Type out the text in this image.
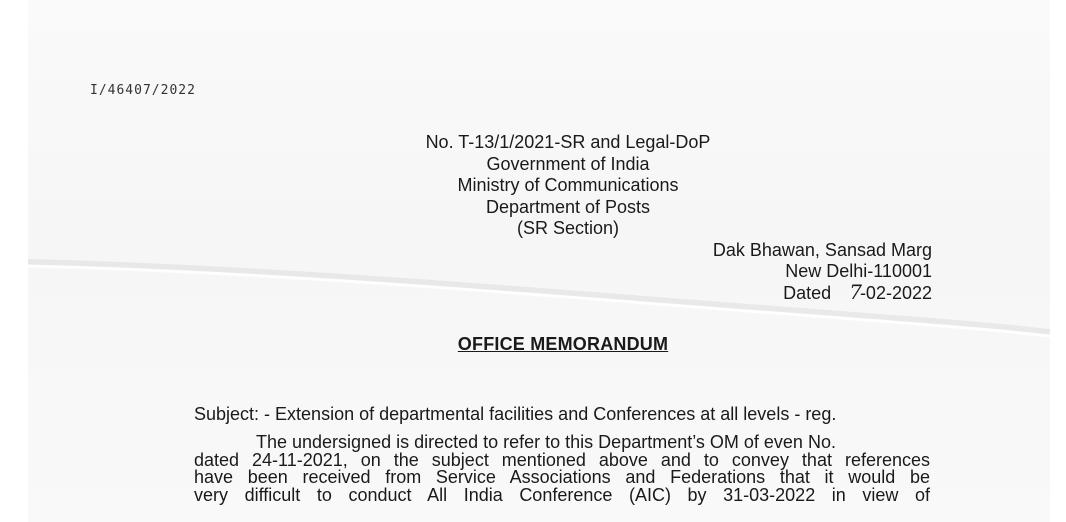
I/46407/2022
No. T-13/1/2021-SR and Legal-DoP
Government of India
Ministry of Communications
Department of Posts
(SR Section)
Dak Bhawan, Sansad Marg
New Delhi-110001
Dated 7
-02-2022
OFFICE MEMORANDUM
Subject: - Extension of departmental facilities and Conferences at all levels - reg.
The undersigned is directed to refer to this Department’s OM of even No.
dated 24-11-2021, on the subject mentioned above and to convey that references
have been received from Service Associations and Federations that it would be
very difficult to conduct All India Conference (AIC) by 31-03-2022 in view of
